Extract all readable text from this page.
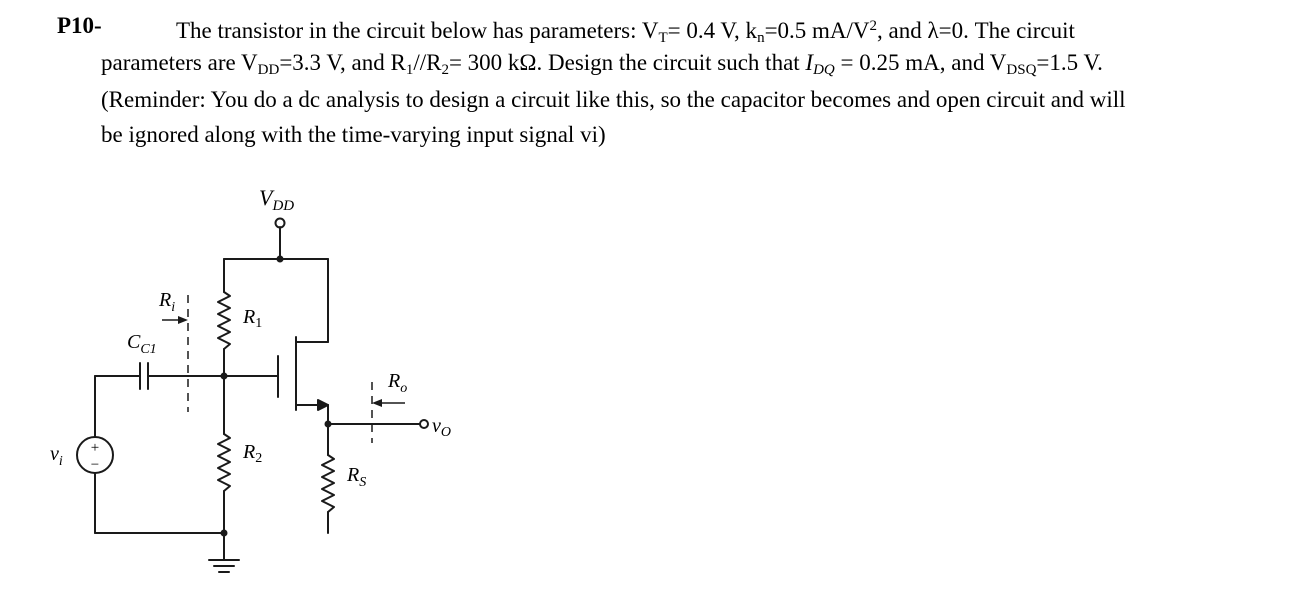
P10-	The transistor in the circuit below has parameters: $V_T= 0.4$ V, $k_n=0.5$ $mA/V^2$, and λ=0. The circuit
parameters are $V_{DD}=3.3$ V, and $R_1//R_2= 300$ kΩ. Design the circuit such that $I_{DQ} = 0.25$ mA, and $V_{DSQ}=1.5$ V.
(Reminder: You do a dc analysis to design a circuit like this, so the capacitor becomes and open circuit and will
be ignored along with the time-varying input signal vi)
+
−
$V_{DD}$
$R_1$
$R_2$
$R_S$
$R_i$
$R_o$
$C_{C1}$
$v_i$
$v_O$
